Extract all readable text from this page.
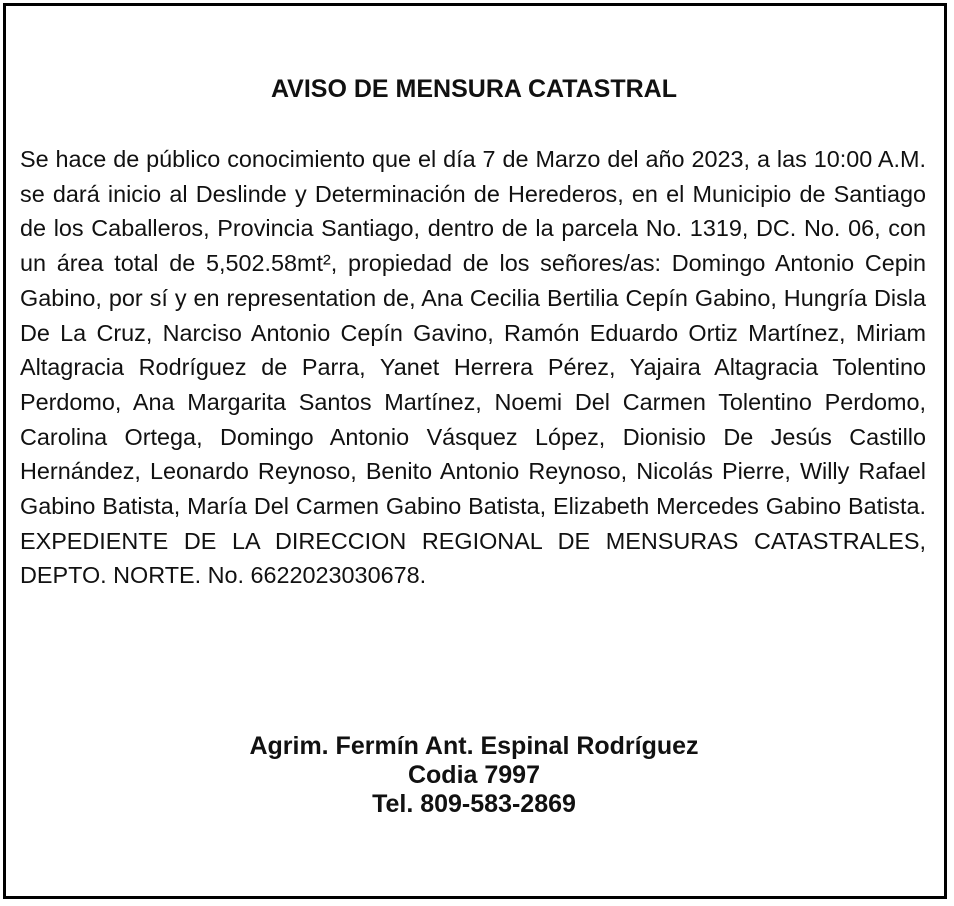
AVISO DE MENSURA CATASTRAL

Se hace de público conocimiento que el día 7 de Marzo del año 2023, a las 10:00 A.M. se dará inicio al Deslinde y Determinación de Herederos, en el Municipio de Santiago de los Caballeros, Provincia Santiago, dentro de la parcela No. 1319, DC. No. 06, con un área total de 5,502.58mt², propiedad de los señores/as: Domingo Antonio Cepin Gabino, por sí y en representation de, Ana Cecilia Bertilia Cepín Gabino, Hungría Disla De La Cruz, Narciso Antonio Cepín Gavino, Ramón Eduardo Ortiz Martínez, Miriam Altagracia Rodríguez de Parra, Yanet Herrera Pérez, Yajaira Altagracia Tolentino Perdomo, Ana Margarita Santos Martínez, Noemi Del Carmen Tolentino Perdomo, Carolina Ortega, Domingo Antonio Vásquez López, Dionisio De Jesús Castillo Hernández, Leonardo Reynoso, Benito Antonio Reynoso, Nicolás Pierre, Willy Rafael Gabino Batista, María Del Carmen Gabino Batista, Elizabeth Mercedes Gabino Batista. EXPEDIENTE DE LA DIRECCION REGIONAL DE MENSURAS CATASTRALES, DEPTO. NORTE. No. 6622023030678.

Agrim. Fermín Ant. Espinal Rodríguez
Codia 7997
Tel. 809-583-2869
